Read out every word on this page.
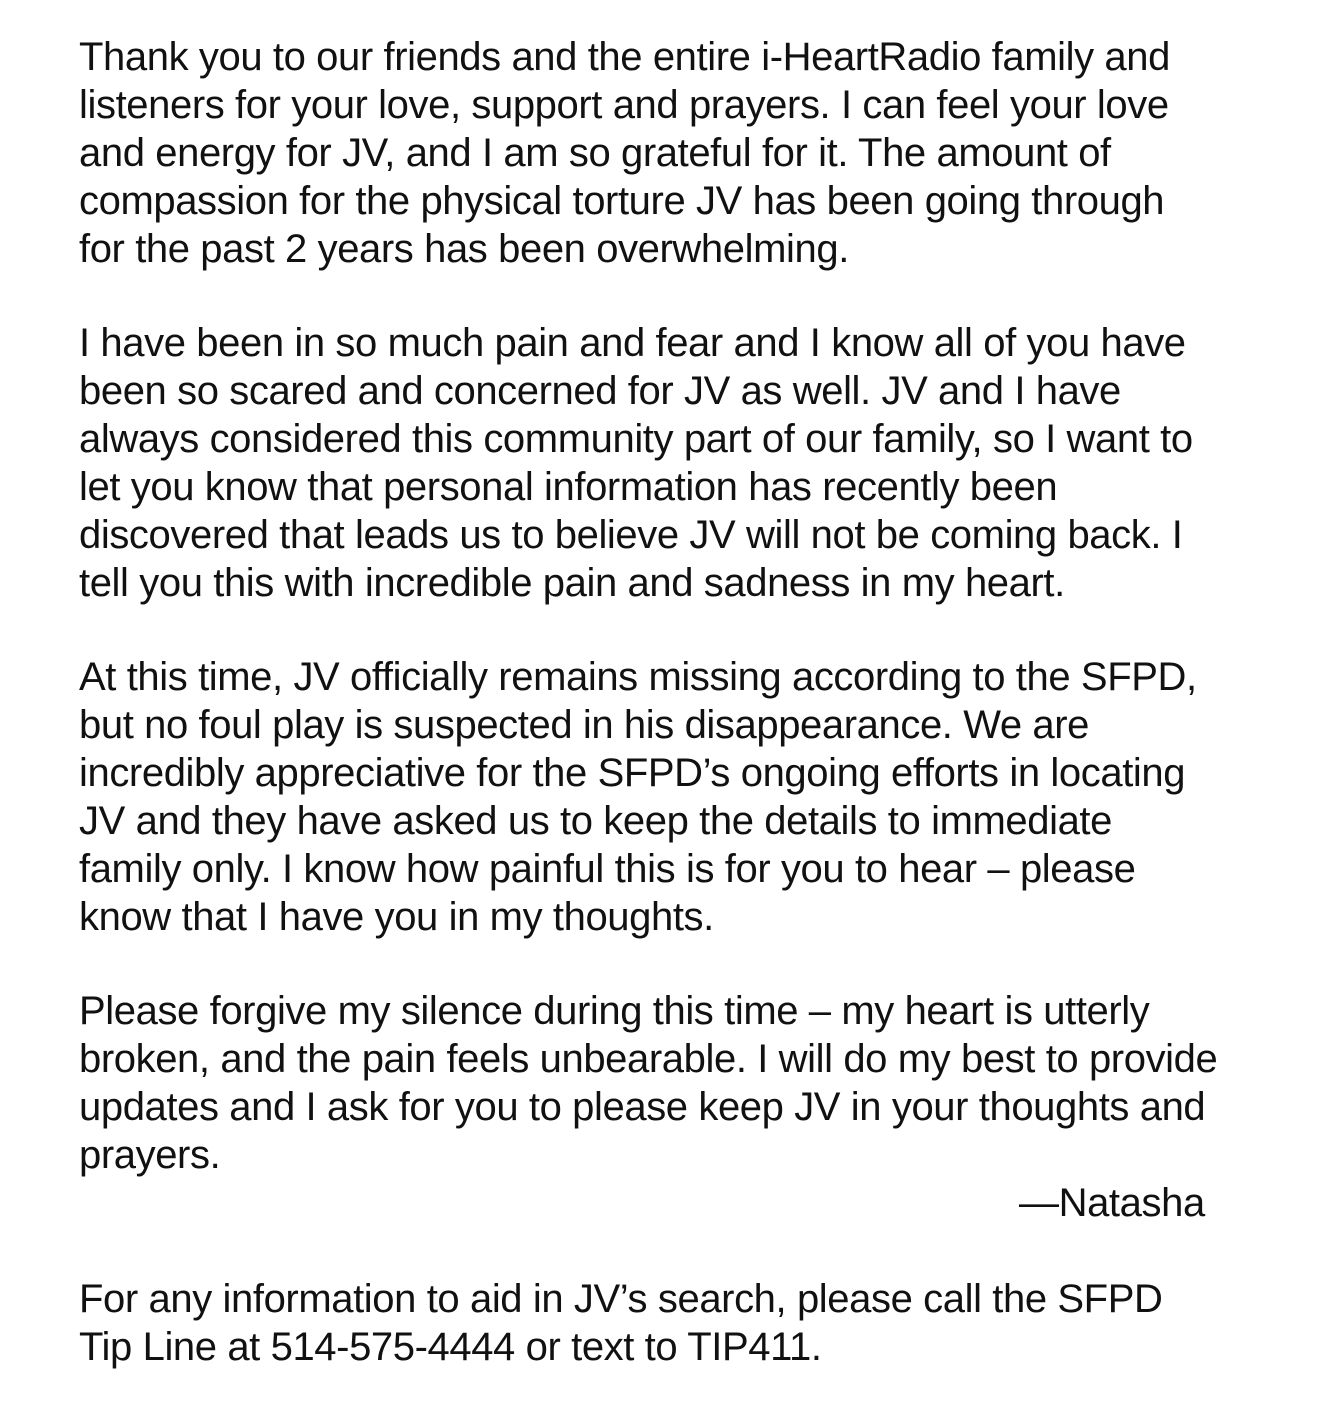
Thank you to our friends and the entire i-HeartRadio family and
listeners for your love, support and prayers. I can feel your love
and energy for JV, and I am so grateful for it. The amount of
compassion for the physical torture JV has been going through
for the past 2 years has been overwhelming.
I have been in so much pain and fear and I know all of you have
been so scared and concerned for JV as well. JV and I have
always considered this community part of our family, so I want to
let you know that personal information has recently been
discovered that leads us to believe JV will not be coming back. I
tell you this with incredible pain and sadness in my heart.
At this time, JV officially remains missing according to the SFPD,
but no foul play is suspected in his disappearance. We are
incredibly appreciative for the SFPD’s ongoing efforts in locating
JV and they have asked us to keep the details to immediate
family only. I know how painful this is for you to hear – please
know that I have you in my thoughts.
Please forgive my silence during this time – my heart is utterly
broken, and the pain feels unbearable. I will do my best to provide
updates and I ask for you to please keep JV in your thoughts and
prayers.
—Natasha
For any information to aid in JV’s search, please call the SFPD
Tip Line at 514-575-4444 or text to TIP411.
